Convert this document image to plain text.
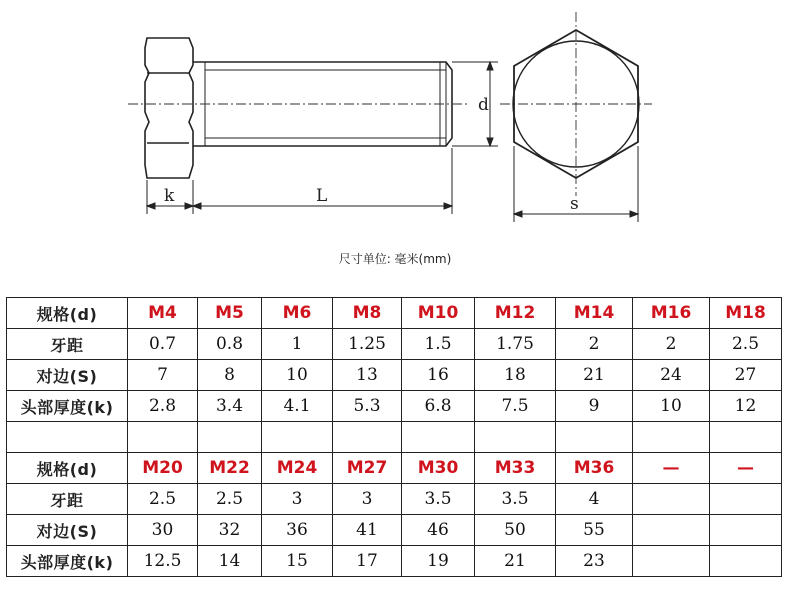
d
k	L	s
尺寸单位: 毫米(mm)
规格(d)	M4	M5	M6	M8	M10	M12	M14	M16	M18
牙距	0.7	0.8	1	1.25	1.5	1.75	2	2	2.5
对边(S)	7	8	10	13	16	18	21	24	27
头部厚度(k)	2.8	3.4	4.1	5.3	6.8	7.5	9	10	12

规格(d)	M20	M22	M24	M27	M30	M33	M36	—	—
牙距	2.5	2.5	3	3	3.5	3.5	4		
对边(S)	30	32	36	41	46	50	55		
头部厚度(k)	12.5	14	15	17	19	21	23		
